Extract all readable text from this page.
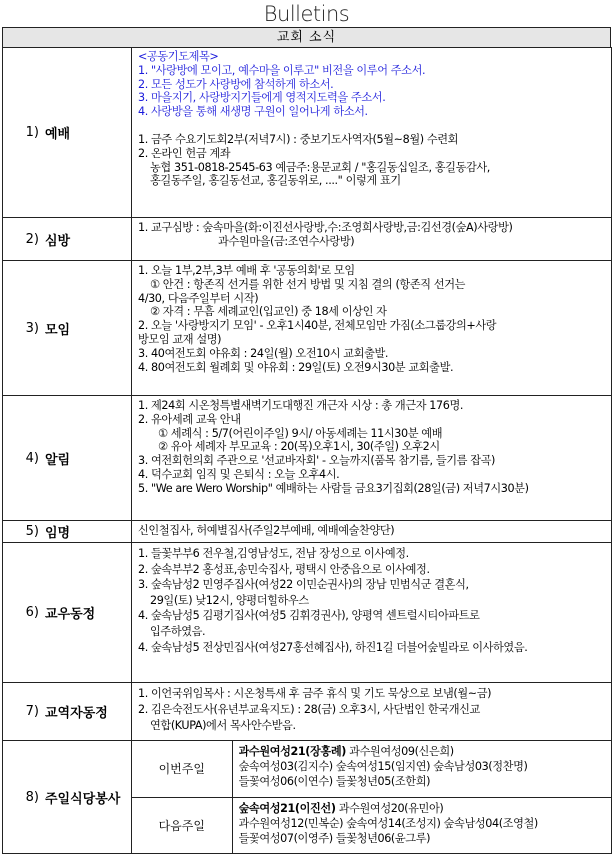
Bulletins
교회 소식
1) 예배

<공동기도제목>
1. "사랑방에 모이고, 예수마을 이루고" 비전을 이루어 주소서.
2. 모든 성도가 사랑방에 참석하게 하소서.
3. 마을지기, 사랑방지기들에게 영적지도력을 주소서.
4. 사랑방을 통해 새생명 구원이 일어나게 하소서.
1. 금주 수요기도회2부(저녁7시) : 중보기도사역자(5월~8월) 수련회
2. 온라인 헌금 계좌
농협 351-0818-2545-63 예금주:용문교회 / "홍길동십일조, 홍길동감사,
홍길동주일, 홍길동선교, 홍길동위로, ...." 이렇게 표기

2) 심방

1. 교구심방 : 숲속마을(화:이진선사랑방,수:조영희사랑방,금:김선경(숲A)사랑방)
과수원마을(금:조연수사랑방)

3) 모임

1. 오늘 1부,2부,3부 예배 후 '공동의회'로 모임
① 안건 : 항존직 선거를 위한 선거 방법 및 지침 결의 (항존직 선거는
4/30, 다음주일부터 시작)
② 자격 : 무흠 세례교인(입교인) 중 18세 이상인 자
2. 오늘 '사랑방지기 모임' - 오후1시40분, 전체모임만 가짐(소그룹강의+사랑
방모임 교재 설명)
3. 40여전도회 야유회 : 24일(월) 오전10시 교회출발.
4. 80여전도회 월례회 및 야유회 : 29일(토) 오전9시30분 교회출발.

4) 알림

1. 제24회 시온청특별새벽기도대행진 개근자 시상 : 총 개근자 176명.
2. 유아세례 교육 안내
① 세례식 : 5/7(어린이주일) 9시/ 아동세례는 11시30분 예배
② 유아 세례자 부모교육 : 20(목)오후1시, 30(주일) 오후2시
3. 여전회헌의회 주관으로 '선교바자회' - 오늘까지(품목 참기름, 들기름 잡곡)
4. 덕수교회 임직 및 은퇴식 : 오늘 오후4시.
5. "We are Wero Worship" 예배하는 사람들 금요3기집회(28일(금) 저녁7시30분)

5) 임명	신인철집사, 허예별집사(주일2부예배, 예배예술찬양단)

6) 교우동정

1. 들꽃부부6 전우철,김영남성도, 전남 장성으로 이사예정.
2. 숲속부부2 홍성표,송민숙집사, 평택시 안중읍으로 이사예정.
3. 숲속남성2 민영주집사(여성22 이민순권사)의 장남 민범식군 결혼식,
29일(토) 낮12시, 양평더힐하우스
4. 숲속남성5 김평기집사(여성5 김휘경권사), 양평역 센트럴시티아파트로
입주하였음.
4. 숲속남성5 전상민집사(여성27홍선혜집사), 하진1길 더블어숲빌라로 이사하였음.

7) 교역자동정

1. 이언국위임목사 : 시온청특새 후 금주 휴식 및 기도 묵상으로 보냄(월~금)
2. 김은숙전도사(유년부교육지도) : 28(금) 오후3시, 사단법인 한국개신교
연합(KUPA)에서 목사안수받음.

8) 주일식당봉사

이번주일	
과수원여성21(장홍례) 과수원여성09(신은희)
숲속여성03(김지수) 숲속여성15(임지연) 숲속남성03(정찬명)
들꽃여성06(이연수) 들꽃청년05(조한희)

다음주일	
숲속여성21(이진선) 과수원여성20(유민아)
과수원여성12(민복순) 숲속여성14(조성지) 숲속남성04(조영철)
들꽃여성07(이영주) 들꽃청년06(윤그루)
